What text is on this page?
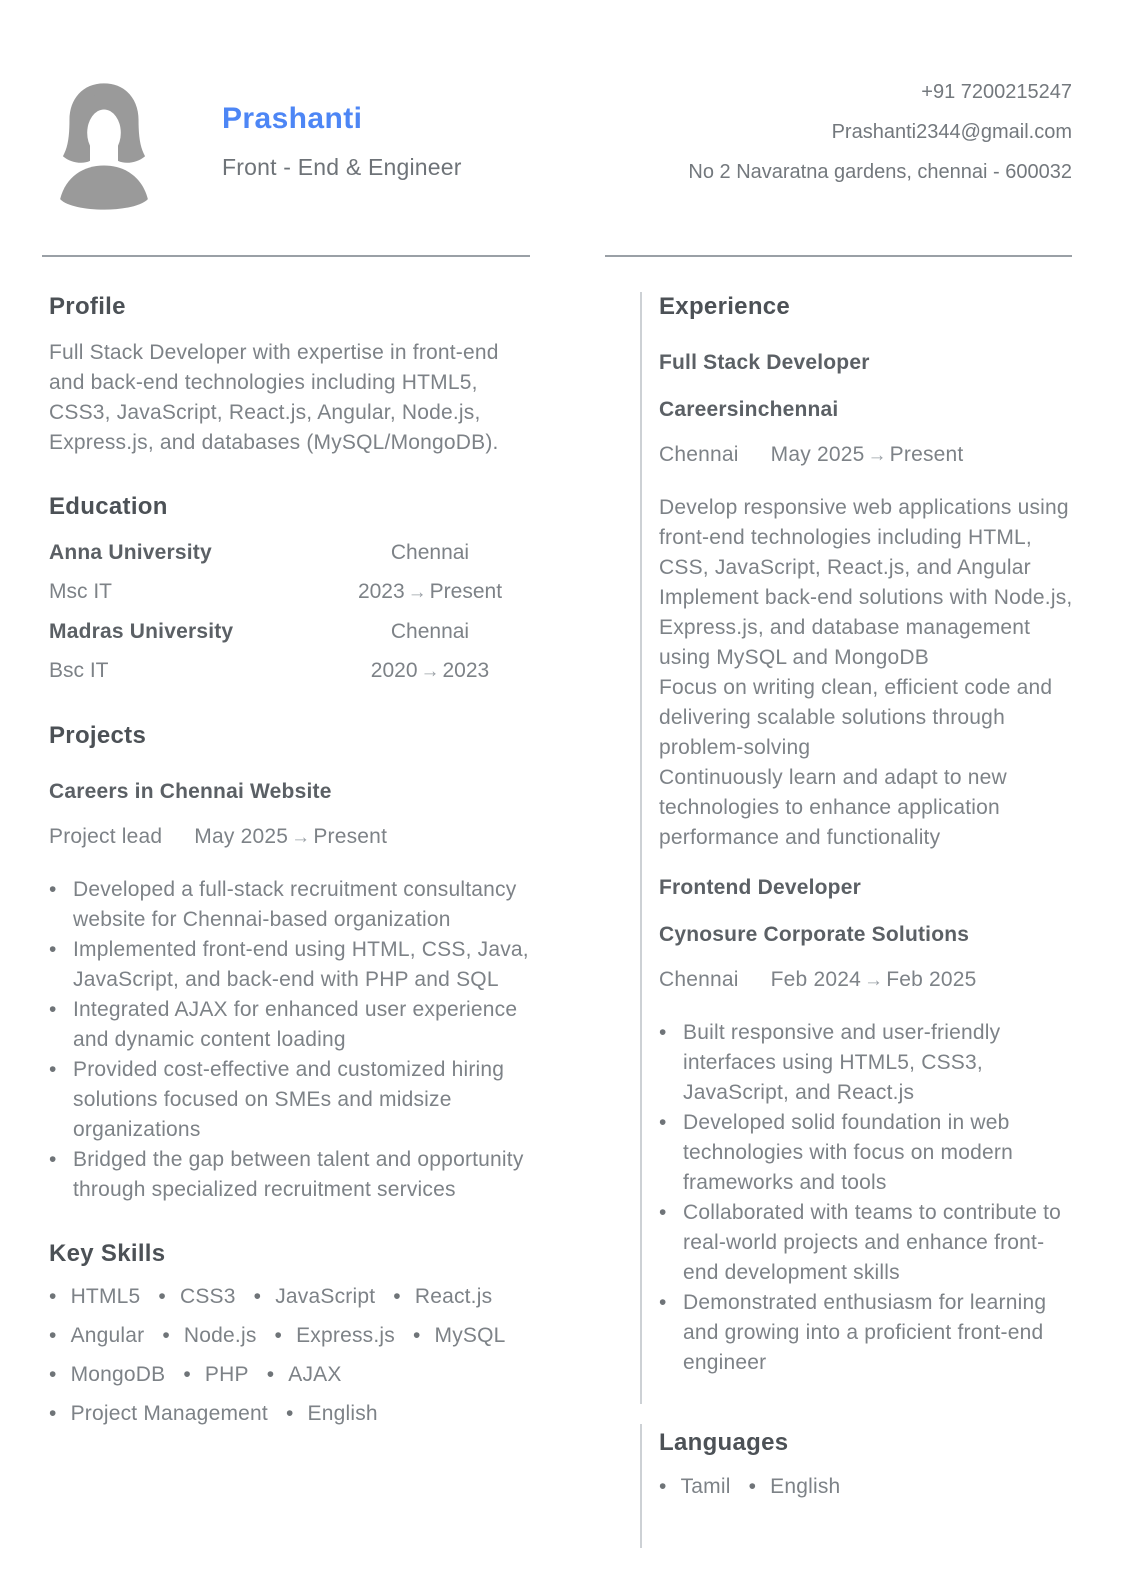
Prashanti
Front - End & Engineer
+91 7200215247
Prashanti2344@gmail.com
No 2 Navaratna gardens, chennai - 600032
Profile
Full Stack Developer with expertise in front-end and back-end technologies including HTML5, CSS3, JavaScript, React.js, Angular, Node.js, Express.js, and databases (MySQL/MongoDB).
Education
Anna University	Chennai
Msc IT	2023 → Present
Madras University	Chennai
Bsc IT	2020 → 2023
Projects
Careers in Chennai Website
Project lead May 2025 → Present
• Developed a full-stack recruitment consultancy website for Chennai-based organization
• Implemented front-end using HTML, CSS, Java, JavaScript, and back-end with PHP and SQL
• Integrated AJAX for enhanced user experience and dynamic content loading
• Provided cost-effective and customized hiring solutions focused on SMEs and midsize organizations
• Bridged the gap between talent and opportunity through specialized recruitment services
Key Skills
• HTML5 • CSS3 • JavaScript • React.js
• Angular • Node.js • Express.js • MySQL
• MongoDB • PHP • AJAX
• Project Management • English
Experience
Full Stack Developer
Careersinchennai
Chennai May 2025 → Present
Develop responsive web applications using front-end technologies including HTML, CSS, JavaScript, React.js, and Angular
Implement back-end solutions with Node.js, Express.js, and database management using MySQL and MongoDB
Focus on writing clean, efficient code and delivering scalable solutions through problem-solving
Continuously learn and adapt to new technologies to enhance application performance and functionality
Frontend Developer
Cynosure Corporate Solutions
Chennai Feb 2024 → Feb 2025
• Built responsive and user-friendly interfaces using HTML5, CSS3, JavaScript, and React.js
• Developed solid foundation in web technologies with focus on modern frameworks and tools
• Collaborated with teams to contribute to real-world projects and enhance front-end development skills
• Demonstrated enthusiasm for learning and growing into a proficient front-end engineer
Languages
• Tamil • English
